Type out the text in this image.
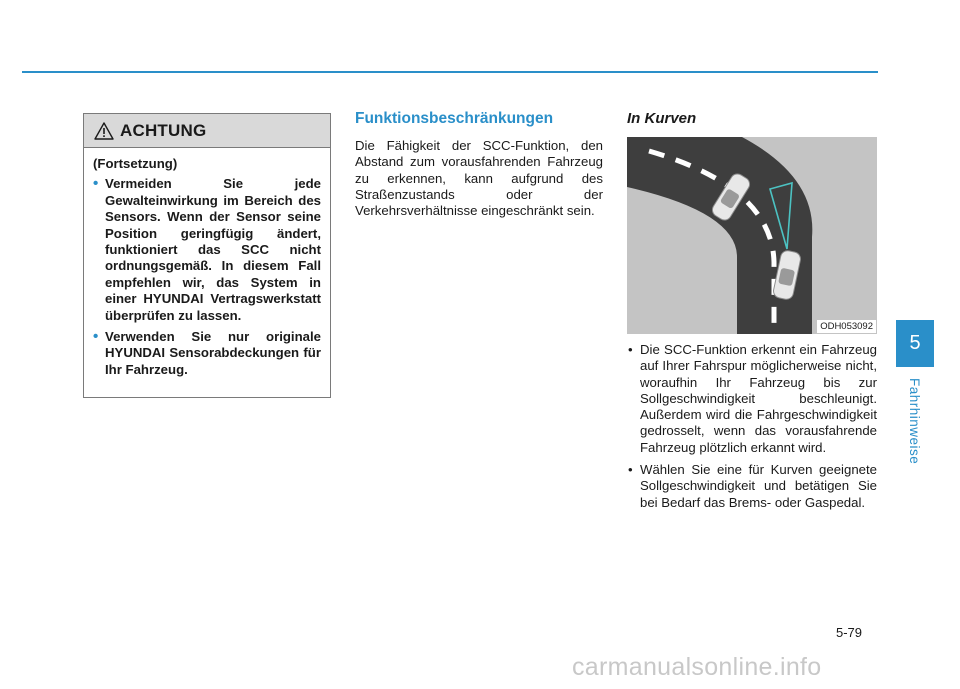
ACHTUNG
(Fortsetzung)
• Vermeiden Sie jede Gewalteinwirkung im Bereich des Sensors. Wenn der Sensor seine Position geringfügig ändert, funktioniert das SCC nicht ordnungsgemäß. In diesem Fall empfehlen wir, das System in einer HYUNDAI Vertragswerkstatt überprüfen zu lassen.
• Verwenden Sie nur originale HYUNDAI Sensorabdeckungen für Ihr Fahrzeug.
Funktionsbeschränkungen

Die Fähigkeit der SCC-Funktion, den Abstand zum vorausfahrenden Fahrzeug zu erkennen, kann aufgrund des Straßenzustands oder der Verkehrsverhältnisse eingeschränkt sein.

In Kurven
ODH053092
• Die SCC-Funktion erkennt ein Fahrzeug auf Ihrer Fahrspur möglicherweise nicht, woraufhin Ihr Fahrzeug bis zur Sollgeschwindigkeit beschleunigt. Außerdem wird die Fahrgeschwindigkeit gedrosselt, wenn das vorausfahrende Fahrzeug plötzlich erkannt wird.
• Wählen Sie eine für Kurven geeignete Sollgeschwindigkeit und betätigen Sie bei Bedarf das Brems- oder Gaspedal.
5
Fahrhinweise
5-79
carmanualsonline.info
